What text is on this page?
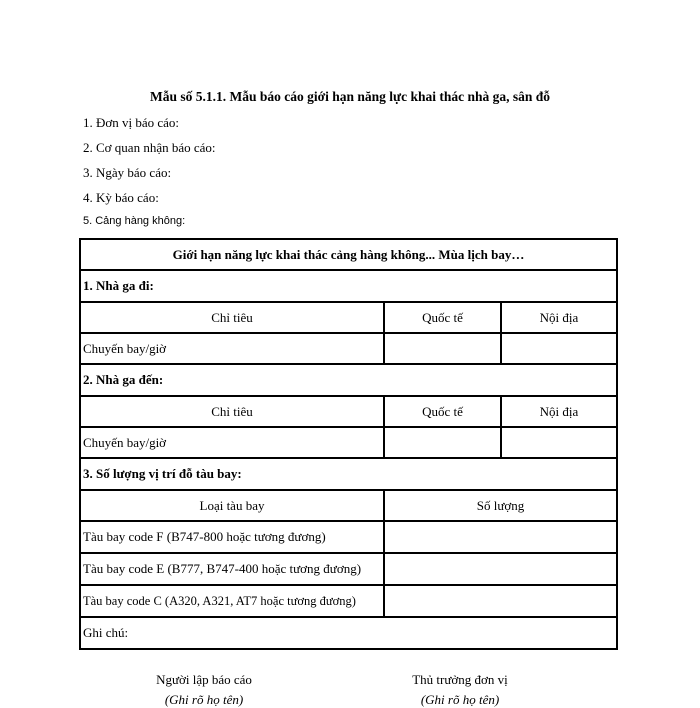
Mẫu số 5.1.1. Mẫu báo cáo giới hạn năng lực khai thác nhà ga, sân đỗ
1. Đơn vị báo cáo:
2. Cơ quan nhận báo cáo:
3. Ngày báo cáo:
4. Kỳ báo cáo:
5. Cảng hàng không:
Giới hạn năng lực khai thác cảng hàng không... Mùa lịch bay…		
1. Nhà ga đi:		
Chỉ tiêu	Quốc tế	Nội địa
Chuyến bay/giờ		
2. Nhà ga đến:		
Chỉ tiêu	Quốc tế	Nội địa
Chuyến bay/giờ		
3. Số lượng vị trí đỗ tàu bay:		
Loại tàu bay	Số lượng	
Tàu bay code F (B747-800 hoặc tương đương)		
Tàu bay code E (B777, B747-400 hoặc tương đương)		
Tàu bay code C (A320, A321, AT7 hoặc tương đương)		
Ghi chú:		
Người lập báo cáo
(Ghi rõ họ tên)
Thủ trưởng đơn vị
(Ghi rõ họ tên)
